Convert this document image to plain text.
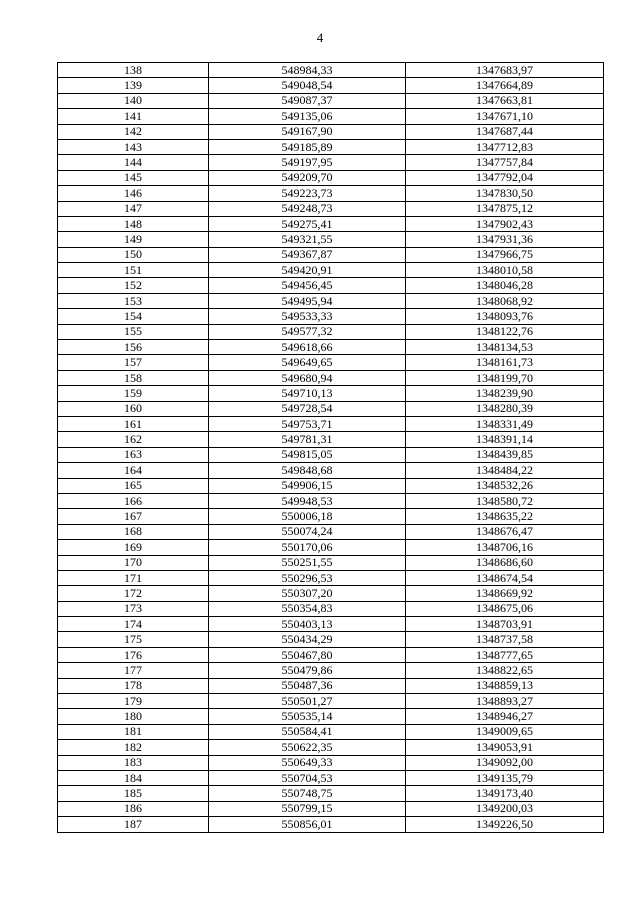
4
138	548984,33	1347683,97
139	549048,54	1347664,89
140	549087,37	1347663,81
141	549135,06	1347671,10
142	549167,90	1347687,44
143	549185,89	1347712,83
144	549197,95	1347757,84
145	549209,70	1347792,04
146	549223,73	1347830,50
147	549248,73	1347875,12
148	549275,41	1347902,43
149	549321,55	1347931,36
150	549367,87	1347966,75
151	549420,91	1348010,58
152	549456,45	1348046,28
153	549495,94	1348068,92
154	549533,33	1348093,76
155	549577,32	1348122,76
156	549618,66	1348134,53
157	549649,65	1348161,73
158	549680,94	1348199,70
159	549710,13	1348239,90
160	549728,54	1348280,39
161	549753,71	1348331,49
162	549781,31	1348391,14
163	549815,05	1348439,85
164	549848,68	1348484,22
165	549906,15	1348532,26
166	549948,53	1348580,72
167	550006,18	1348635,22
168	550074,24	1348676,47
169	550170,06	1348706,16
170	550251,55	1348686,60
171	550296,53	1348674,54
172	550307,20	1348669,92
173	550354,83	1348675,06
174	550403,13	1348703,91
175	550434,29	1348737,58
176	550467,80	1348777,65
177	550479,86	1348822,65
178	550487,36	1348859,13
179	550501,27	1348893,27
180	550535,14	1348946,27
181	550584,41	1349009,65
182	550622,35	1349053,91
183	550649,33	1349092,00
184	550704,53	1349135,79
185	550748,75	1349173,40
186	550799,15	1349200,03
187	550856,01	1349226,50
